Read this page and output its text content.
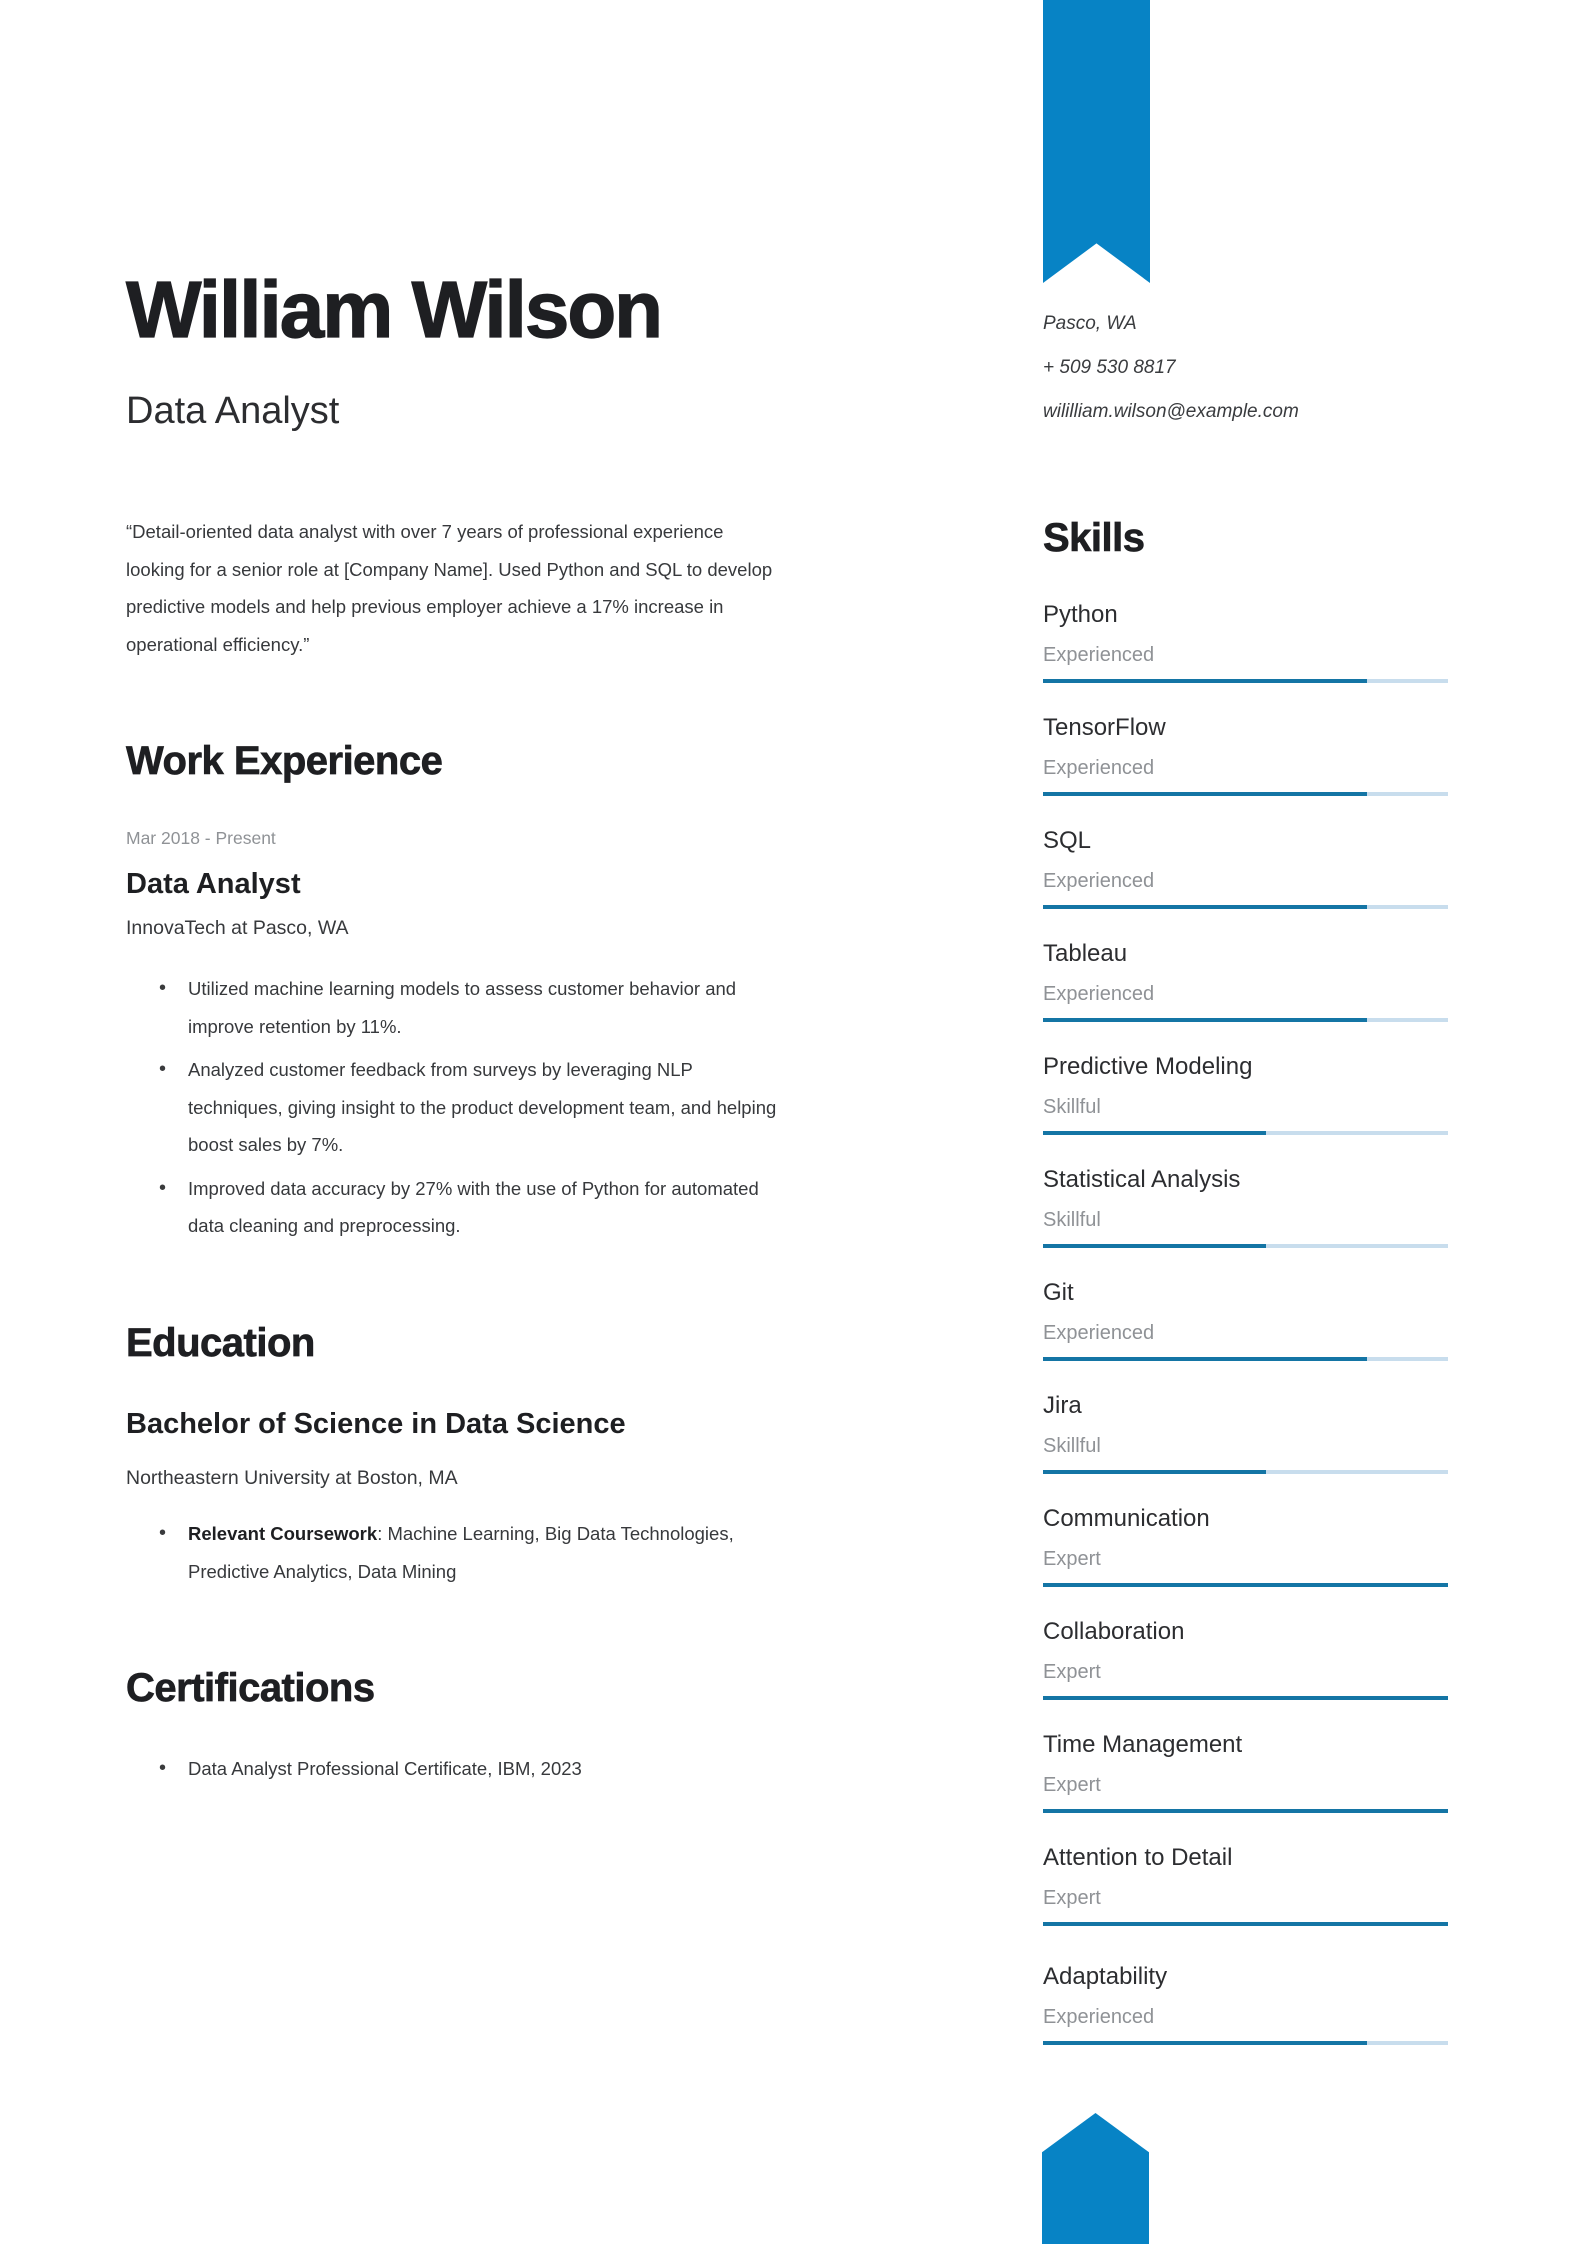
William Wilson
Data Analyst

“Detail-oriented data analyst with over 7 years of professional experience looking for a senior role at [Company Name]. Used Python and SQL to develop predictive models and help previous employer achieve a 17% increase in operational efficiency.”

Work Experience
Mar 2018 - Present
Data Analyst
InnovaTech at Pasco, WA
• Utilized machine learning models to assess customer behavior and improve retention by 11%.
• Analyzed customer feedback from surveys by leveraging NLP techniques, giving insight to the product development team, and helping boost sales by 7%.
• Improved data accuracy by 27% with the use of Python for automated data cleaning and preprocessing.
Education
Bachelor of Science in Data Science
Northeastern University at Boston, MA
• Relevant Coursework: Machine Learning, Big Data Technologies, Predictive Analytics, Data Mining
Certifications
• Data Analyst Professional Certificate, IBM, 2023
Pasco, WA
+ 509 530 8817
wililliam.wilson@example.com
Skills
Python
Experienced
TensorFlow
Experienced
SQL
Experienced
Tableau
Experienced
Predictive Modeling
Skillful
Statistical Analysis
Skillful
Git
Experienced
Jira
Skillful
Communication
Expert
Collaboration
Expert
Time Management
Expert
Attention to Detail
Expert
Adaptability
Experienced
